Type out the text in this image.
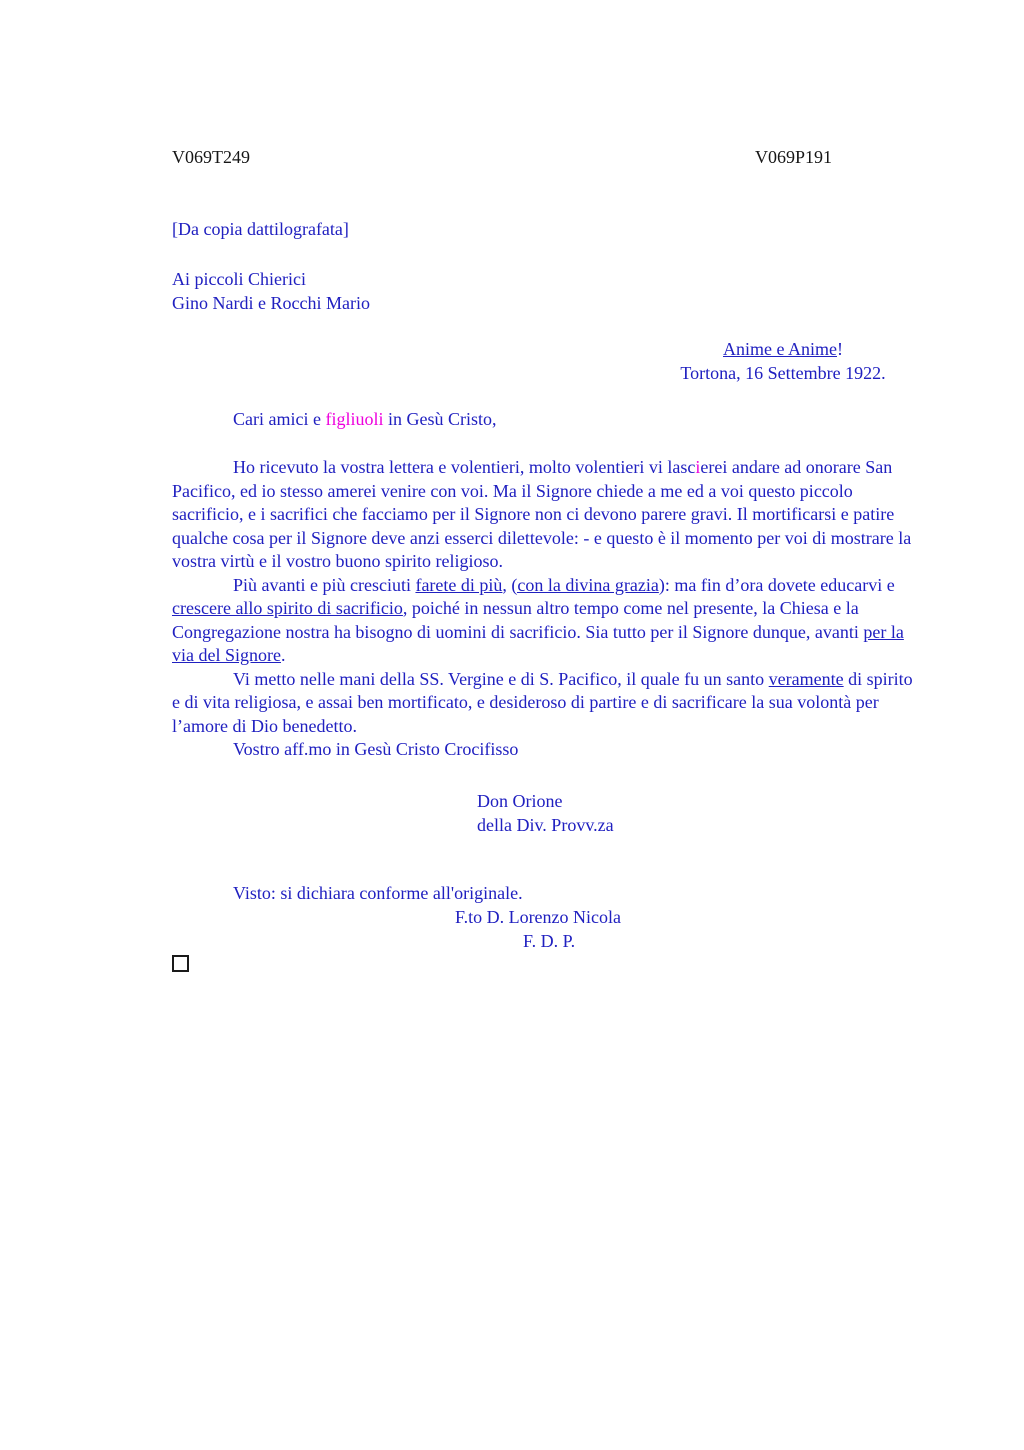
V069T249	V069P191
[Da copia dattilografata]
Ai piccoli Chierici
Gino Nardi e Rocchi Mario
Anime e Anime!
Tortona, 16 Settembre 1922.
Cari amici e figliuoli in Gesù Cristo,

Ho ricevuto la vostra lettera e volentieri, molto volentieri vi lascierei andare ad onorare San Pacifico, ed io stesso amerei venire con voi. Ma il Signore chiede a me ed a voi questo piccolo sacrificio, e i sacrifici che facciamo per il Signore non ci devono parere gravi. Il mortificarsi e patire qualche cosa per il Signore deve anzi esserci dilettevole: - e questo è il momento per voi di mostrare la vostra virtù e il vostro buono spirito religioso.

Più avanti e più cresciuti farete di più, (con la divina grazia): ma fin d’ora dovete educarvi e crescere allo spirito di sacrificio, poiché in nessun altro tempo come nel presente, la Chiesa e la Congregazione nostra ha bisogno di uomini di sacrificio. Sia tutto per il Signore dunque, avanti per la via del Signore.

Vi metto nelle mani della SS. Vergine e di S. Pacifico, il quale fu un santo veramente di spirito e di vita religiosa, e assai ben mortificato, e desideroso di partire e di sacrificare la sua volontà per l’amore di Dio benedetto.

Vostro aff.mo in Gesù Cristo Crocifisso

Don Orione
della Div. Provv.za
Visto: si dichiara conforme all'originale.
F.to D. Lorenzo Nicola
F. D. P.
